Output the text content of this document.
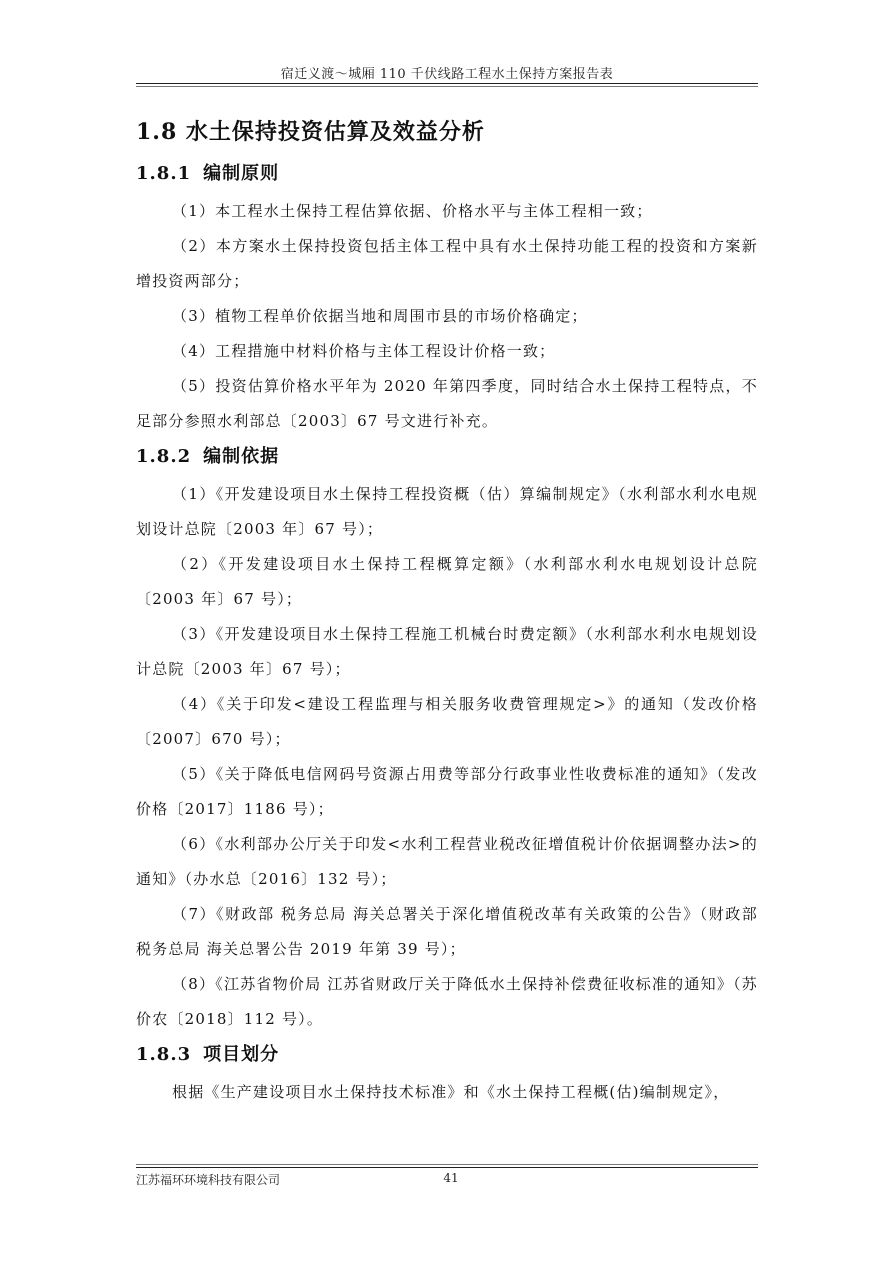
宿迁义渡～城厢 110 千伏线路工程水土保持方案报告表
1.8 水土保持投资估算及效益分析
1.8.1 编制原则

（1）本工程水土保持工程估算依据、价格水平与主体工程相一致；

（2）本方案水土保持投资包括主体工程中具有水土保持功能工程的投资和方案新增投资两部分；

（3）植物工程单价依据当地和周围市县的市场价格确定；

（4）工程措施中材料价格与主体工程设计价格一致；

（5）投资估算价格水平年为 2020 年第四季度，同时结合水土保持工程特点，不足部分参照水利部总〔2003〕67 号文进行补充。

1.8.2 编制依据

（1）《开发建设项目水土保持工程投资概（估）算编制规定》（水利部水利水电规划设计总院〔2003 年〕67 号）；

（2）《开发建设项目水土保持工程概算定额》（水利部水利水电规划设计总院〔2003 年〕67 号）；

（3）《开发建设项目水土保持工程施工机械台时费定额》（水利部水利水电规划设计总院〔2003 年〕67 号）；

（4）《关于印发<建设工程监理与相关服务收费管理规定>》的通知（发改价格〔2007〕670 号）；

（5）《关于降低电信网码号资源占用费等部分行政事业性收费标准的通知》（发改价格〔2017〕1186 号）；

（6）《水利部办公厅关于印发<水利工程营业税改征增值税计价依据调整办法>的通知》（办水总〔2016〕132 号）；

（7）《财政部 税务总局 海关总署关于深化增值税改革有关政策的公告》（财政部 税务总局 海关总署公告 2019 年第 39 号）；

（8）《江苏省物价局 江苏省财政厅关于降低水土保持补偿费征收标准的通知》（苏价农〔2018〕112 号）。

1.8.3 项目划分

根据《生产建设项目水土保持技术标准》和《水土保持工程概(估)编制规定》，

江苏福环环境科技有限公司	41
